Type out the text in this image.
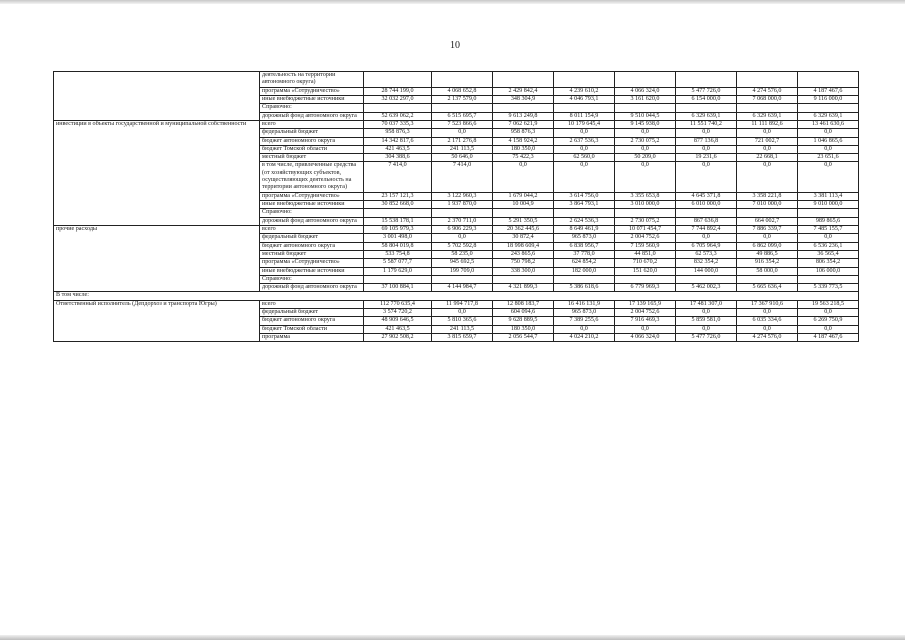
10
	деятельность на территории автономного округа)								
	программа «Сотрудничество»	28 744 199,0	4 068 652,8	2 429 842,4	4 239 610,2	4 066 324,0	5 477 726,0	4 274 576,0	4 187 467,6
	иные внебюджетные источники	32 032 297,0	2 137 579,0	348 304,9	4 046 793,1	3 161 620,0	6 154 000,0	7 068 000,0	9 116 000,0
	Справочно:								
	дорожный фонд автономного округа	52 639 062,2	6 515 695,7	9 613 249,8	8 011 154,9	9 510 044,5	6 329 639,1	6 329 639,1	6 329 639,1
инвестиции в объекты государственной и муниципальной собственности	всего	70 037 335,3	7 523 866,6	7 062 621,9	10 179 645,4	9 145 938,0	11 551 740,2	11 111 892,6	13 461 630,6
	федеральный бюджет	958 876,3	0,0	958 876,3	0,0	0,0	0,0	0,0	0,0
	бюджет автономного округа	14 342 817,6	2 171 276,8	4 158 924,2	2 637 536,3	2 730 075,2	877 136,8	721 002,7	1 046 865,6
	бюджет Томской области	421 463,5	241 113,5	180 350,0	0,0	0,0	0,0	0,0	0,0
	местный бюджет	304 388,6	50 646,0	75 422,3	62 560,0	50 209,0	19 231,6	22 668,1	23 651,6
	в том числе, привлеченные средства (от хозяйствующих субъектов, осуществляющих деятельность на территории автономного округа)	7 414,0	7 414,0	0,0	0,0	0,0	0,0	0,0	0,0
	программа «Сотрудничество»	23 157 121,3	3 122 960,3	1 679 044,2	3 614 756,0	3 355 653,8	4 645 371,8	3 358 221,8	3 381 113,4
	иные внебюджетные источники	30 852 668,0	1 937 870,0	10 004,9	3 864 793,1	3 010 000,0	6 010 000,0	7 010 000,0	9 010 000,0
	Справочно:								
	дорожный фонд автономного округа	15 538 178,1	2 370 711,0	5 291 350,5	2 624 536,3	2 730 075,2	867 636,8	664 002,7	989 865,6
прочие расходы	всего	69 105 979,3	6 906 229,3	20 362 445,6	8 649 461,9	10 071 454,7	7 744 892,4	7 886 339,7	7 485 155,7
	федеральный бюджет	3 001 498,0	0,0	30 872,4	965 873,0	2 004 752,6	0,0	0,0	0,0
	бюджет автономного округа	58 804 019,8	5 702 592,8	18 998 609,4	6 838 956,7	7 159 560,9	6 705 964,9	6 862 099,0	6 536 236,1
	местный бюджет	533 754,8	58 235,0	243 865,6	37 778,0	44 851,0	62 573,3	49 886,5	36 565,4
	программа «Сотрудничество»	5 587 077,7	945 692,5	750 798,2	624 854,2	710 670,2	832 354,2	916 354,2	806 354,2
	иные внебюджетные источники	1 179 629,0	199 709,0	338 300,0	182 000,0	151 620,0	144 000,0	58 000,0	106 000,0
	Справочно:								
	дорожный фонд автономного округа	37 100 884,1	4 144 984,7	4 321 899,3	5 386 618,6	6 779 969,3	5 462 002,3	5 665 636,4	5 339 773,5
В том числе:									
Ответственный исполнитель (Депдорхоз и транспорта Югры)	всего	112 770 635,4	11 994 717,8	12 808 183,7	16 416 131,9	17 139 165,9	17 481 307,0	17 367 910,6	19 563 218,5
	федеральный бюджет	3 574 720,2	0,0	604 094,6	965 873,0	2 004 752,6	0,0	0,0	0,0
	бюджет автономного округа	48 909 646,5	5 810 365,6	9 628 889,5	7 389 255,6	7 916 469,3	5 859 581,0	6 035 334,6	6 269 750,9
	бюджет Томской области	421 463,5	241 113,5	180 350,0	0,0	0,0	0,0	0,0	0,0
	программа	27 902 508,2	3 815 659,7	2 056 544,7	4 024 210,2	4 066 324,0	5 477 726,0	4 274 576,0	4 187 467,6
